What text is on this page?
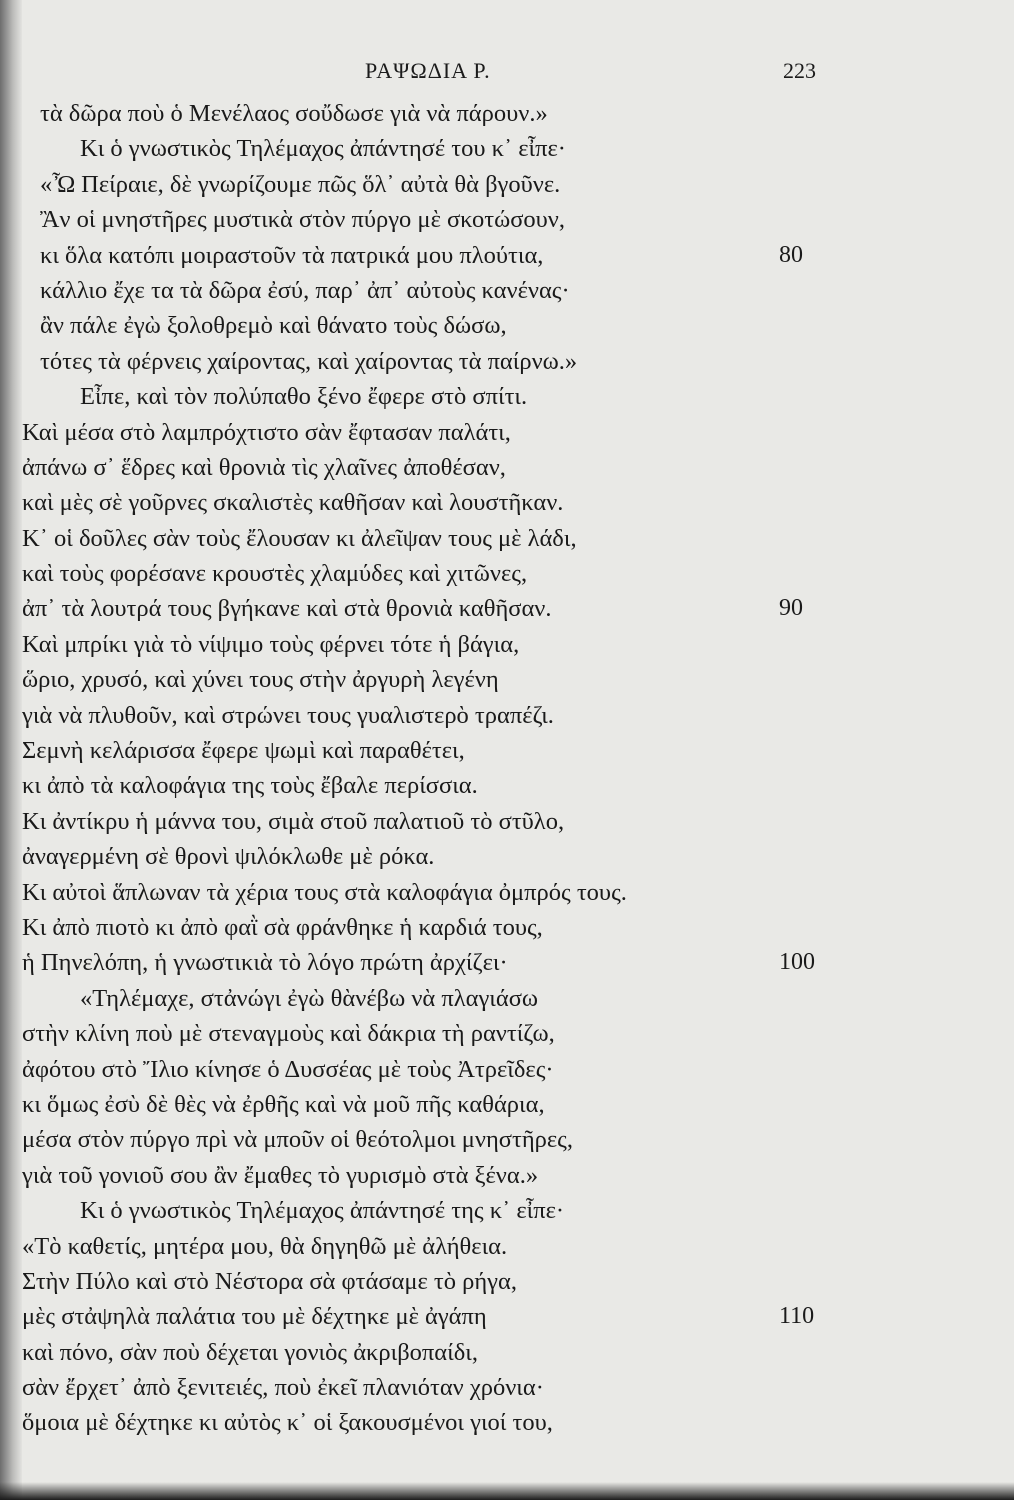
ΡΑΨΩΔΙΑ Ρ.	223
τὰ δῶρα ποὺ ὁ Μενέλαος σοὔδωσε γιὰ νὰ πάρουν.»
Κι ὁ γνωστικὸς Τηλέμαχος ἀπάντησέ του κ᾿ εἶπε·
«Ὦ Πείραιε, δὲ γνωρίζουμε πῶς ὅλ᾿ αὐτὰ θὰ βγοῦνε.
Ἂν οἱ μνηστῆρες μυστικὰ στὸν πύργο μὲ σκοτώσουν,
κι ὅλα κατόπι μοιραστοῦν τὰ πατρικά μου πλούτια,	80
κάλλιο ἔχε τα τὰ δῶρα ἐσύ, παρ᾿ ἀπ᾿ αὐτοὺς κανένας·
ἂν πάλε ἐγὼ ξολοθρεμὸ καὶ θάνατο τοὺς δώσω,
τότες τὰ φέρνεις χαίροντας, καὶ χαίροντας τὰ παίρνω.»
Εἶπε, καὶ τὸν πολύπαθο ξένο ἔφερε στὸ σπίτι.
Καὶ μέσα στὸ λαμπρόχτιστο σὰν ἔφτασαν παλάτι,
ἀπάνω σ᾿ ἕδρες καὶ θρονιὰ τὶς χλαῖνες ἀποθέσαν,
καὶ μὲς σὲ γοῦρνες σκαλιστὲς καθῆσαν καὶ λουστῆκαν.
Κ᾿ οἱ δοῦλες σὰν τοὺς ἔλουσαν κι ἀλεῖψαν τους μὲ λάδι,
καὶ τοὺς φορέσανε κρουστὲς χλαμύδες καὶ χιτῶνες,
ἀπ᾿ τὰ λουτρά τους βγήκανε καὶ στὰ θρονιὰ καθῆσαν.	90
Καὶ μπρίκι γιὰ τὸ νίψιμο τοὺς φέρνει τότε ἡ βάγια,
ὥριο, χρυσό, καὶ χύνει τους στὴν ἀργυρὴ λεγένη
γιὰ νὰ πλυθοῦν, καὶ στρώνει τους γυαλιστερὸ τραπέζι.
Σεμνὴ κελάρισσα ἔφερε ψωμὶ καὶ παραθέτει,
κι ἀπὸ τὰ καλοφάγια της τοὺς ἔβαλε περίσσια.
Κι ἀντίκρυ ἡ μάννα του, σιμὰ στοῦ παλατιοῦ τὸ στῦλο,
ἀναγερμένη σὲ θρονὶ ψιλόκλωθε μὲ ρόκα.
Κι αὐτοὶ ἅπλωναν τὰ χέρια τους στὰ καλοφάγια ὀμπρός τους.
Κι ἀπὸ πιοτὸ κι ἀπὸ φαῒ σὰ φράνθηκε ἡ καρδιά τους,
ἡ Πηνελόπη, ἡ γνωστικιὰ τὸ λόγο πρώτη ἀρχίζει·	100
«Τηλέμαχε, στἀνώγι ἐγὼ θὰνέβω νὰ πλαγιάσω
στὴν κλίνη ποὺ μὲ στεναγμοὺς καὶ δάκρια τὴ ραντίζω,
ἀφότου στὸ Ἴλιο κίνησε ὁ Δυσσέας μὲ τοὺς Ἀτρεῖδες·
κι ὅμως ἐσὺ δὲ θὲς νὰ ἐρθῆς καὶ νὰ μοῦ πῆς καθάρια,
μέσα στὸν πύργο πρὶ νὰ μποῦν οἱ θεότολμοι μνηστῆρες,
γιὰ τοῦ γονιοῦ σου ἂν ἔμαθες τὸ γυρισμὸ στὰ ξένα.»
Κι ὁ γνωστικὸς Τηλέμαχος ἀπάντησέ της κ᾿ εἶπε·
«Τὸ καθετίς, μητέρα μου, θὰ δηγηθῶ μὲ ἀλήθεια.
Στὴν Πύλο καὶ στὸ Νέστορα σὰ φτάσαμε τὸ ρήγα,
μὲς στἀψηλὰ παλάτια του μὲ δέχτηκε μὲ ἀγάπη	110
καὶ πόνο, σὰν ποὺ δέχεται γονιὸς ἀκριβοπαίδι,
σὰν ἔρχετ᾿ ἀπὸ ξενιτειές, ποὺ ἐκεῖ πλανιόταν χρόνια·
ὅμοια μὲ δέχτηκε κι αὐτὸς κ᾿ οἱ ξακουσμένοι γιοί του,
